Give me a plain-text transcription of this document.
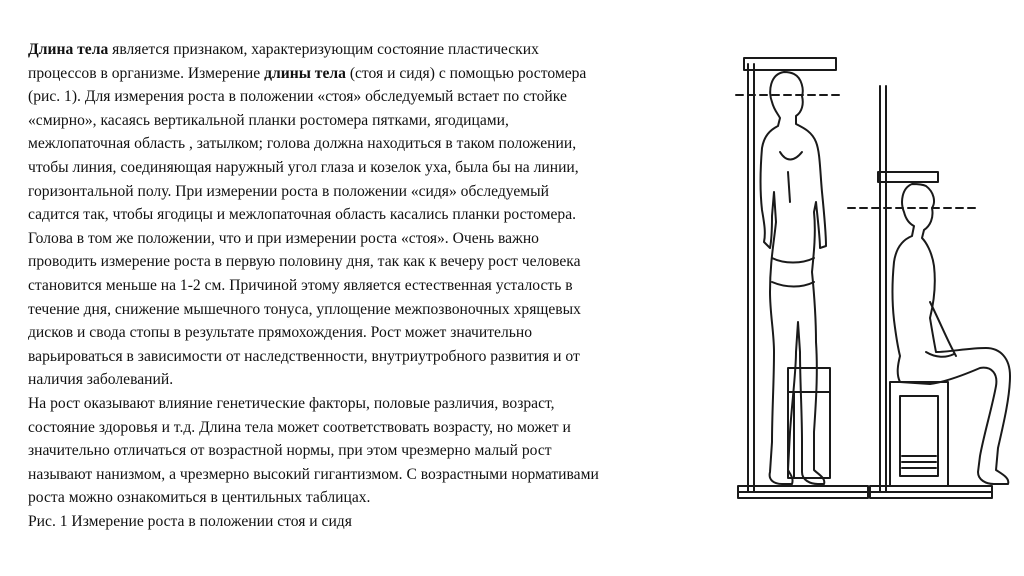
Длина тела является признаком, характеризующим состояние пластических
процессов в организме. Измерение длины тела (стоя и сидя) с помощью ростомера
(рис. 1). Для измерения роста в положении «стоя» обследуемый встает по стойке
«смирно», касаясь вертикальной планки ростомера пятками, ягодицами,
межлопаточная область , затылком; голова должна находиться в таком положении,
чтобы линия, соединяющая наружный угол глаза и козелок уха, была бы на линии,
горизонтальной полу. При измерении роста в положении «сидя» обследуемый
садится так, чтобы ягодицы и межлопаточная область касались планки ростомера.
Голова в том же положении, что и при измерении роста «стоя». Очень важно
проводить измерение роста в первую половину дня, так как к вечеру рост человека
становится меньше на 1-2 см. Причиной этому является естественная усталость в
течение дня, снижение мышечного тонуса, уплощение межпозвоночных хрящевых
дисков и свода стопы в результате прямохождения. Рост может значительно
варьироваться в зависимости от наследственности, внутриутробного развития и от
наличия заболеваний.
На рост оказывают влияние генетические факторы, половые различия, возраст,
состояние здоровья и т.д. Длина тела может соответствовать возрасту, но может и
значительно отличаться от возрастной нормы, при этом чрезмерно малый рост
называют нанизмом, а чрезмерно высокий гигантизмом. С возрастными нормативами
роста можно ознакомиться в центильных таблицах.
Рис. 1 Измерение роста в положении стоя и сидя
